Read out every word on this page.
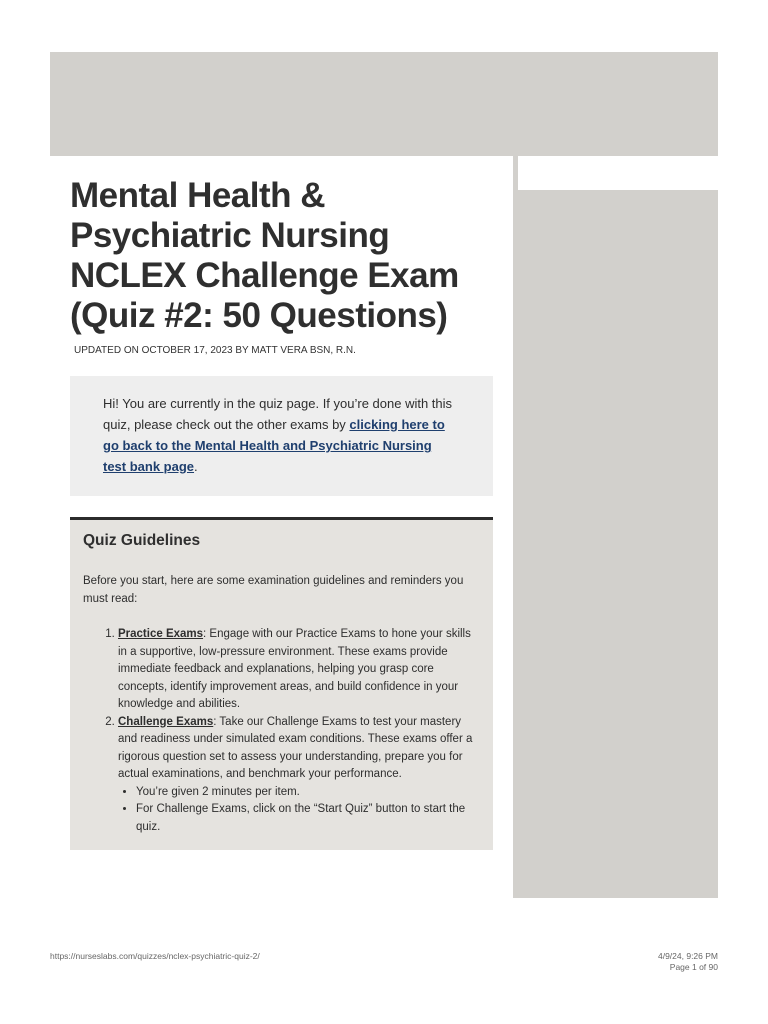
Mental Health & Psychiatric Nursing NCLEX Challenge Exam (Quiz #2: 50 Questions)
UPDATED ON OCTOBER 17, 2023 BY MATT VERA BSN, R.N.
Hi! You are currently in the quiz page. If you’re done with this quiz, please check out the other exams by clicking here to go back to the Mental Health and Psychiatric Nursing test bank page.
Quiz Guidelines

Before you start, here are some examination guidelines and reminders you must read:

1. Practice Exams: Engage with our Practice Exams to hone your skills in a supportive, low-pressure environment. These exams provide immediate feedback and explanations, helping you grasp core concepts, identify improvement areas, and build confidence in your knowledge and abilities.
2. Challenge Exams: Take our Challenge Exams to test your mastery and readiness under simulated exam conditions. These exams offer a rigorous question set to assess your understanding, prepare you for actual examinations, and benchmark your performance.
• You’re given 2 minutes per item.
• For Challenge Exams, click on the “Start Quiz” button to start the quiz.
https://nurseslabs.com/quizzes/nclex-psychiatric-quiz-2/	4/9/24, 9:26 PM
Page 1 of 90
